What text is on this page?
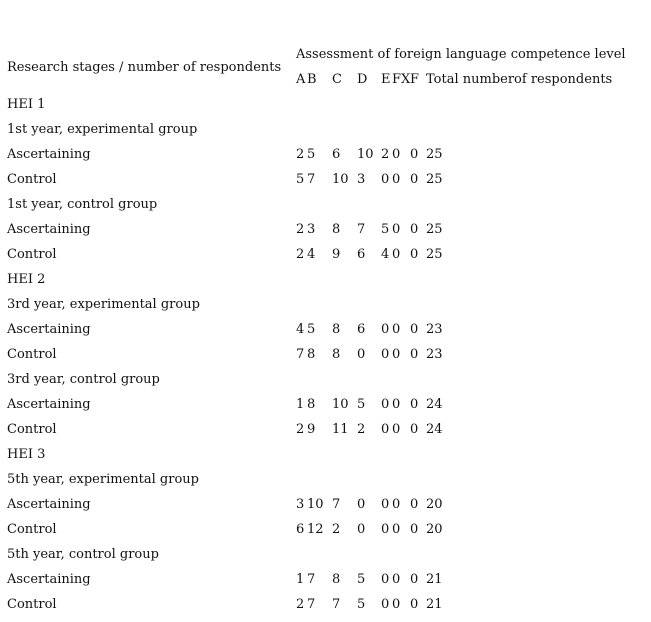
Research stages / number of respondents	Assessment of foreign language competence level							
	A	B	C	D	E	FX	F	Total numberof respondents
HEI 1								
1st year, experimental group								
Ascertaining	2	5	6	10	2	0	0	25
Control	5	7	10	3	0	0	0	25
1st year, control group								
Ascertaining	2	3	8	7	5	0	0	25
Control	2	4	9	6	4	0	0	25
HEI 2								
3rd year, experimental group								
Ascertaining	4	5	8	6	0	0	0	23
Control	7	8	8	0	0	0	0	23
3rd year, control group								
Ascertaining	1	8	10	5	0	0	0	24
Control	2	9	11	2	0	0	0	24
HEI 3								
5th year, experimental group								
Ascertaining	3	10	7	0	0	0	0	20
Control	6	12	2	0	0	0	0	20
5th year, control group								
Ascertaining	1	7	8	5	0	0	0	21
Control	2	7	7	5	0	0	0	21
